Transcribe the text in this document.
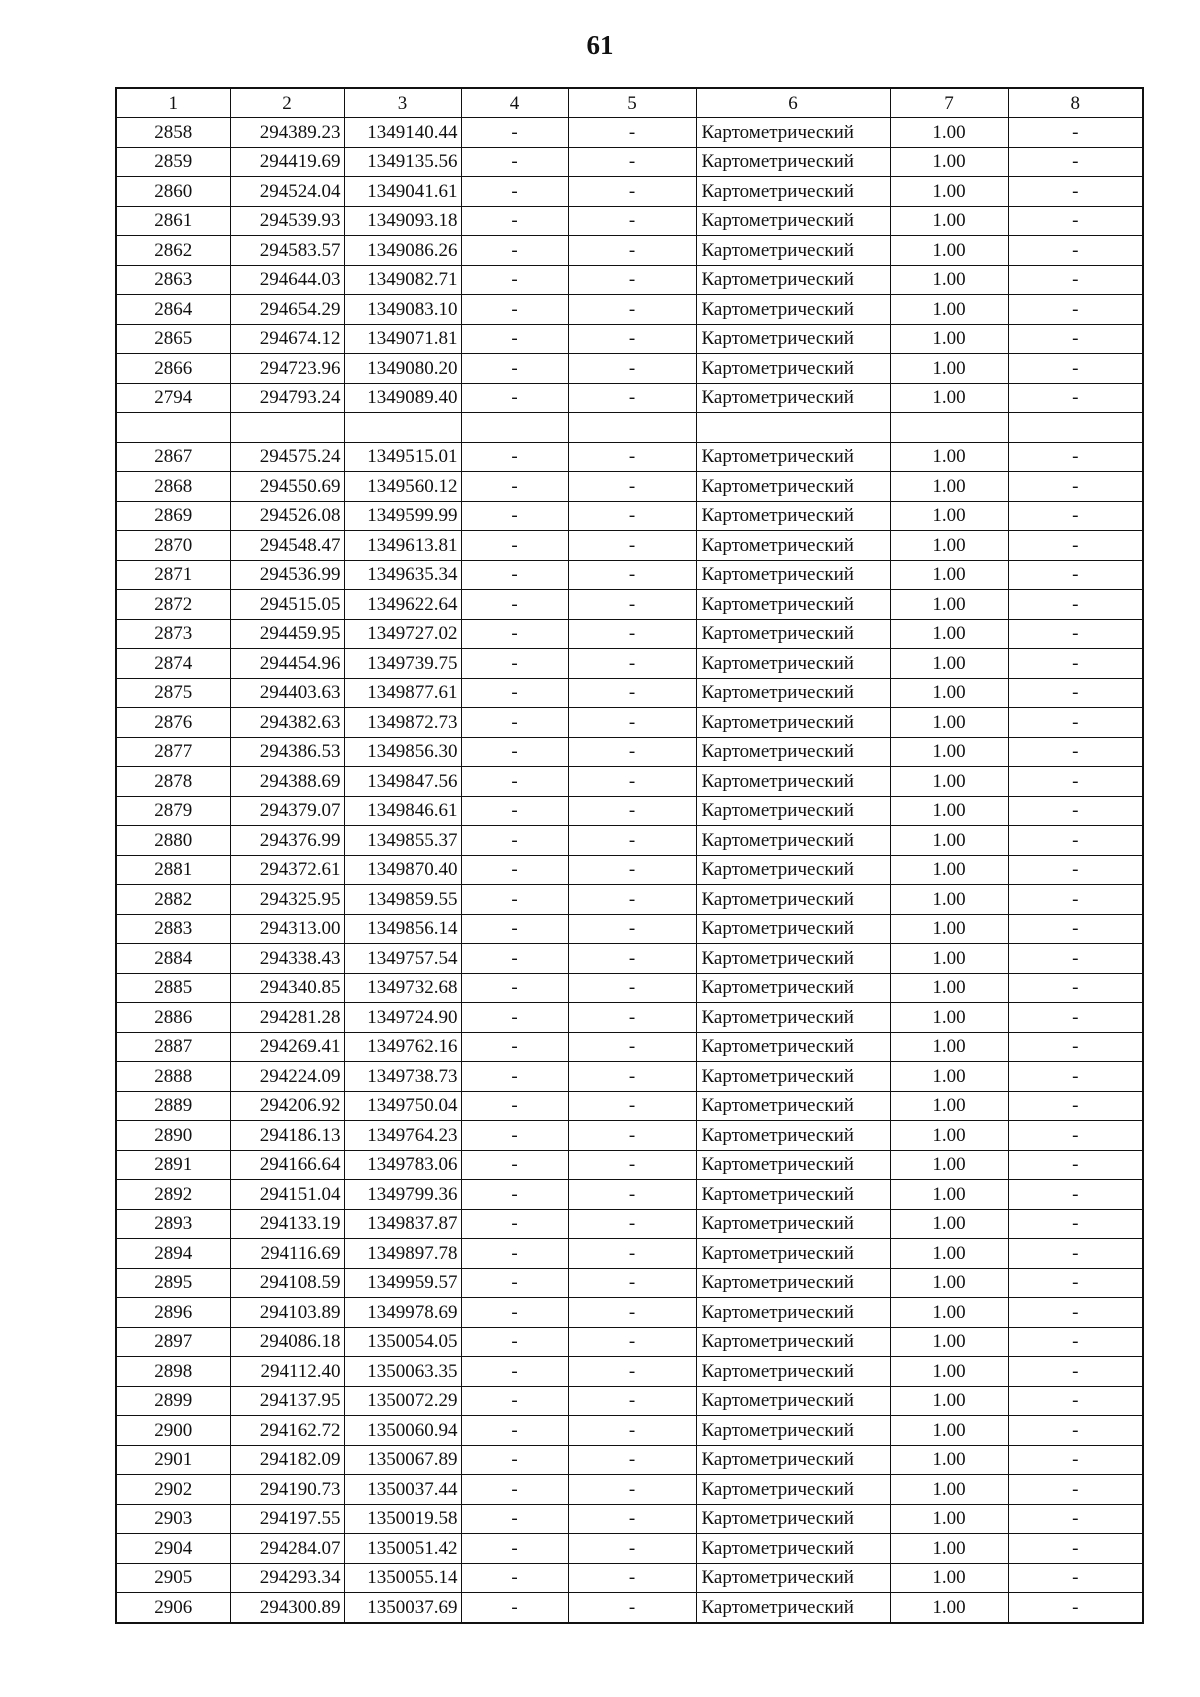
61
1	2	3	4	5	6	7	8
2858	294389.23	1349140.44	-	-	Картометрический	1.00	-
2859	294419.69	1349135.56	-	-	Картометрический	1.00	-
2860	294524.04	1349041.61	-	-	Картометрический	1.00	-
2861	294539.93	1349093.18	-	-	Картометрический	1.00	-
2862	294583.57	1349086.26	-	-	Картометрический	1.00	-
2863	294644.03	1349082.71	-	-	Картометрический	1.00	-
2864	294654.29	1349083.10	-	-	Картометрический	1.00	-
2865	294674.12	1349071.81	-	-	Картометрический	1.00	-
2866	294723.96	1349080.20	-	-	Картометрический	1.00	-
2794	294793.24	1349089.40	-	-	Картометрический	1.00	-

2867	294575.24	1349515.01	-	-	Картометрический	1.00	-
2868	294550.69	1349560.12	-	-	Картометрический	1.00	-
2869	294526.08	1349599.99	-	-	Картометрический	1.00	-
2870	294548.47	1349613.81	-	-	Картометрический	1.00	-
2871	294536.99	1349635.34	-	-	Картометрический	1.00	-
2872	294515.05	1349622.64	-	-	Картометрический	1.00	-
2873	294459.95	1349727.02	-	-	Картометрический	1.00	-
2874	294454.96	1349739.75	-	-	Картометрический	1.00	-
2875	294403.63	1349877.61	-	-	Картометрический	1.00	-
2876	294382.63	1349872.73	-	-	Картометрический	1.00	-
2877	294386.53	1349856.30	-	-	Картометрический	1.00	-
2878	294388.69	1349847.56	-	-	Картометрический	1.00	-
2879	294379.07	1349846.61	-	-	Картометрический	1.00	-
2880	294376.99	1349855.37	-	-	Картометрический	1.00	-
2881	294372.61	1349870.40	-	-	Картометрический	1.00	-
2882	294325.95	1349859.55	-	-	Картометрический	1.00	-
2883	294313.00	1349856.14	-	-	Картометрический	1.00	-
2884	294338.43	1349757.54	-	-	Картометрический	1.00	-
2885	294340.85	1349732.68	-	-	Картометрический	1.00	-
2886	294281.28	1349724.90	-	-	Картометрический	1.00	-
2887	294269.41	1349762.16	-	-	Картометрический	1.00	-
2888	294224.09	1349738.73	-	-	Картометрический	1.00	-
2889	294206.92	1349750.04	-	-	Картометрический	1.00	-
2890	294186.13	1349764.23	-	-	Картометрический	1.00	-
2891	294166.64	1349783.06	-	-	Картометрический	1.00	-
2892	294151.04	1349799.36	-	-	Картометрический	1.00	-
2893	294133.19	1349837.87	-	-	Картометрический	1.00	-
2894	294116.69	1349897.78	-	-	Картометрический	1.00	-
2895	294108.59	1349959.57	-	-	Картометрический	1.00	-
2896	294103.89	1349978.69	-	-	Картометрический	1.00	-
2897	294086.18	1350054.05	-	-	Картометрический	1.00	-
2898	294112.40	1350063.35	-	-	Картометрический	1.00	-
2899	294137.95	1350072.29	-	-	Картометрический	1.00	-
2900	294162.72	1350060.94	-	-	Картометрический	1.00	-
2901	294182.09	1350067.89	-	-	Картометрический	1.00	-
2902	294190.73	1350037.44	-	-	Картометрический	1.00	-
2903	294197.55	1350019.58	-	-	Картометрический	1.00	-
2904	294284.07	1350051.42	-	-	Картометрический	1.00	-
2905	294293.34	1350055.14	-	-	Картометрический	1.00	-
2906	294300.89	1350037.69	-	-	Картометрический	1.00	-
